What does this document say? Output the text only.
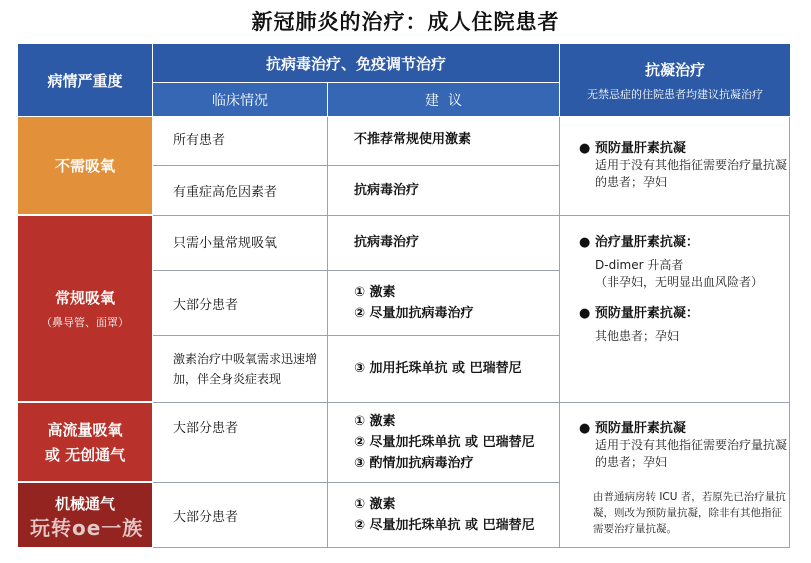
新冠肺炎的治疗：成人住院患者
病情严重度
抗病毒治疗、免疫调节治疗
临床情况	建  议
抗凝治疗
无禁忌症的住院患者均建议抗凝治疗
不需吸氧
常规吸氧
（鼻导管、面罩）
高流量吸氧
或 无创通气
机械通气
玩转oe一族
所有患者
有重症高危因素者
只需小量常规吸氧
大部分患者
激素治疗中吸氧需求迅速增加，伴全身炎症表现
大部分患者
大部分患者
不推荐常规使用激素
抗病毒治疗
抗病毒治疗
① 激素
② 尽量加抗病毒治疗
③ 加用托珠单抗 或 巴瑞替尼
① 激素
② 尽量加托珠单抗 或 巴瑞替尼
③ 酌情加抗病毒治疗
① 激素
② 尽量加托珠单抗 或 巴瑞替尼
● 预防量肝素抗凝
适用于没有其他指征需要治疗量抗凝的患者；孕妇
● 治疗量肝素抗凝：
D-dimer 升高者
（非孕妇，无明显出血风险者）
● 预防量肝素抗凝：
其他患者；孕妇
● 预防量肝素抗凝
适用于没有其他指征需要治疗量抗凝的患者；孕妇
由普通病房转 ICU 者，若原先已治疗量抗凝，则改为预防量抗凝，除非有其他指征需要治疗量抗凝。
